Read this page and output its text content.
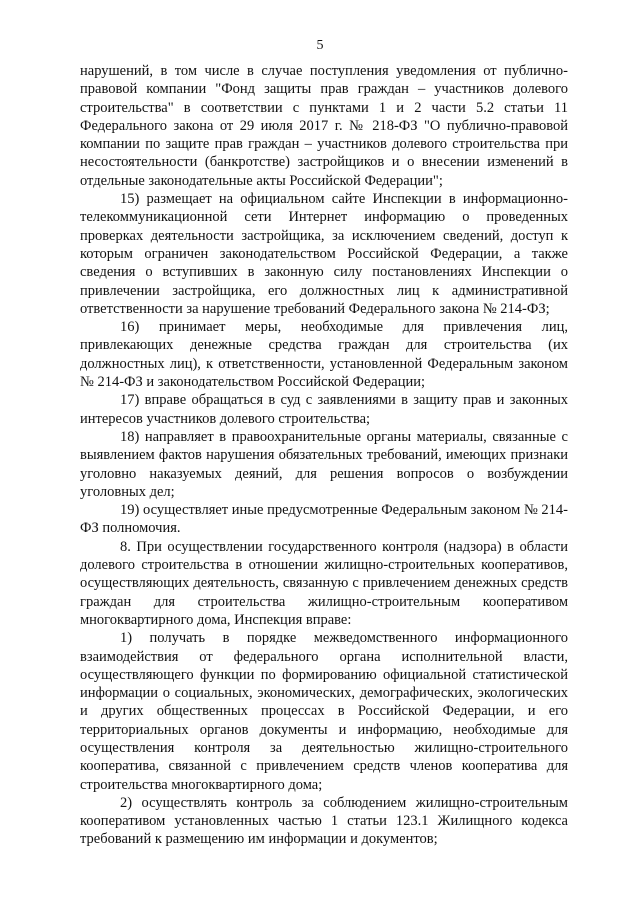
5

нарушений, в том числе в случае поступления уведомления от публично-правовой компании "Фонд защиты прав граждан – участников долевого строительства" в соответствии с пунктами 1 и 2 части 5.2 статьи 11 Федерального закона от 29 июля 2017 г. № 218-ФЗ "О публично-правовой компании по защите прав граждан – участников долевого строительства при несостоятельности (банкротстве) застройщиков и о внесении изменений в отдельные законодательные акты Российской Федерации";

15) размещает на официальном сайте Инспекции в информационно-телекоммуникационной сети Интернет информацию о проведенных проверках деятельности застройщика, за исключением сведений, доступ к которым ограничен законодательством Российской Федерации, а также сведения о вступивших в законную силу постановлениях Инспекции о привлечении застройщика, его должностных лиц к административной ответственности за нарушение требований Федерального закона № 214-ФЗ;

16) принимает меры, необходимые для привлечения лиц, привлекающих денежные средства граждан для строительства (их должностных лиц), к ответственности, установленной Федеральным законом № 214-ФЗ и законодательством Российской Федерации;

17) вправе обращаться в суд с заявлениями в защиту прав и законных интересов участников долевого строительства;

18) направляет в правоохранительные органы материалы, связанные с выявлением фактов нарушения обязательных требований, имеющих признаки уголовно наказуемых деяний, для решения вопросов о возбуждении уголовных дел;

19) осуществляет иные предусмотренные Федеральным законом № 214-ФЗ полномочия.

8. При осуществлении государственного контроля (надзора) в области долевого строительства в отношении жилищно-строительных кооперативов, осуществляющих деятельность, связанную с привлечением денежных средств граждан для строительства жилищно-строительным кооперативом многоквартирного дома, Инспекция вправе:

1) получать в порядке межведомственного информационного взаимодействия от федерального органа исполнительной власти, осуществляющего функции по формированию официальной статистической информации о социальных, экономических, демографических, экологических и других общественных процессах в Российской Федерации, и его территориальных органов документы и информацию, необходимые для осуществления контроля за деятельностью жилищно-строительного кооператива, связанной с привлечением средств членов кооператива для строительства многоквартирного дома;

2) осуществлять контроль за соблюдением жилищно-строительным кооперативом установленных частью 1 статьи 123.1 Жилищного кодекса требований к размещению им информации и документов;
